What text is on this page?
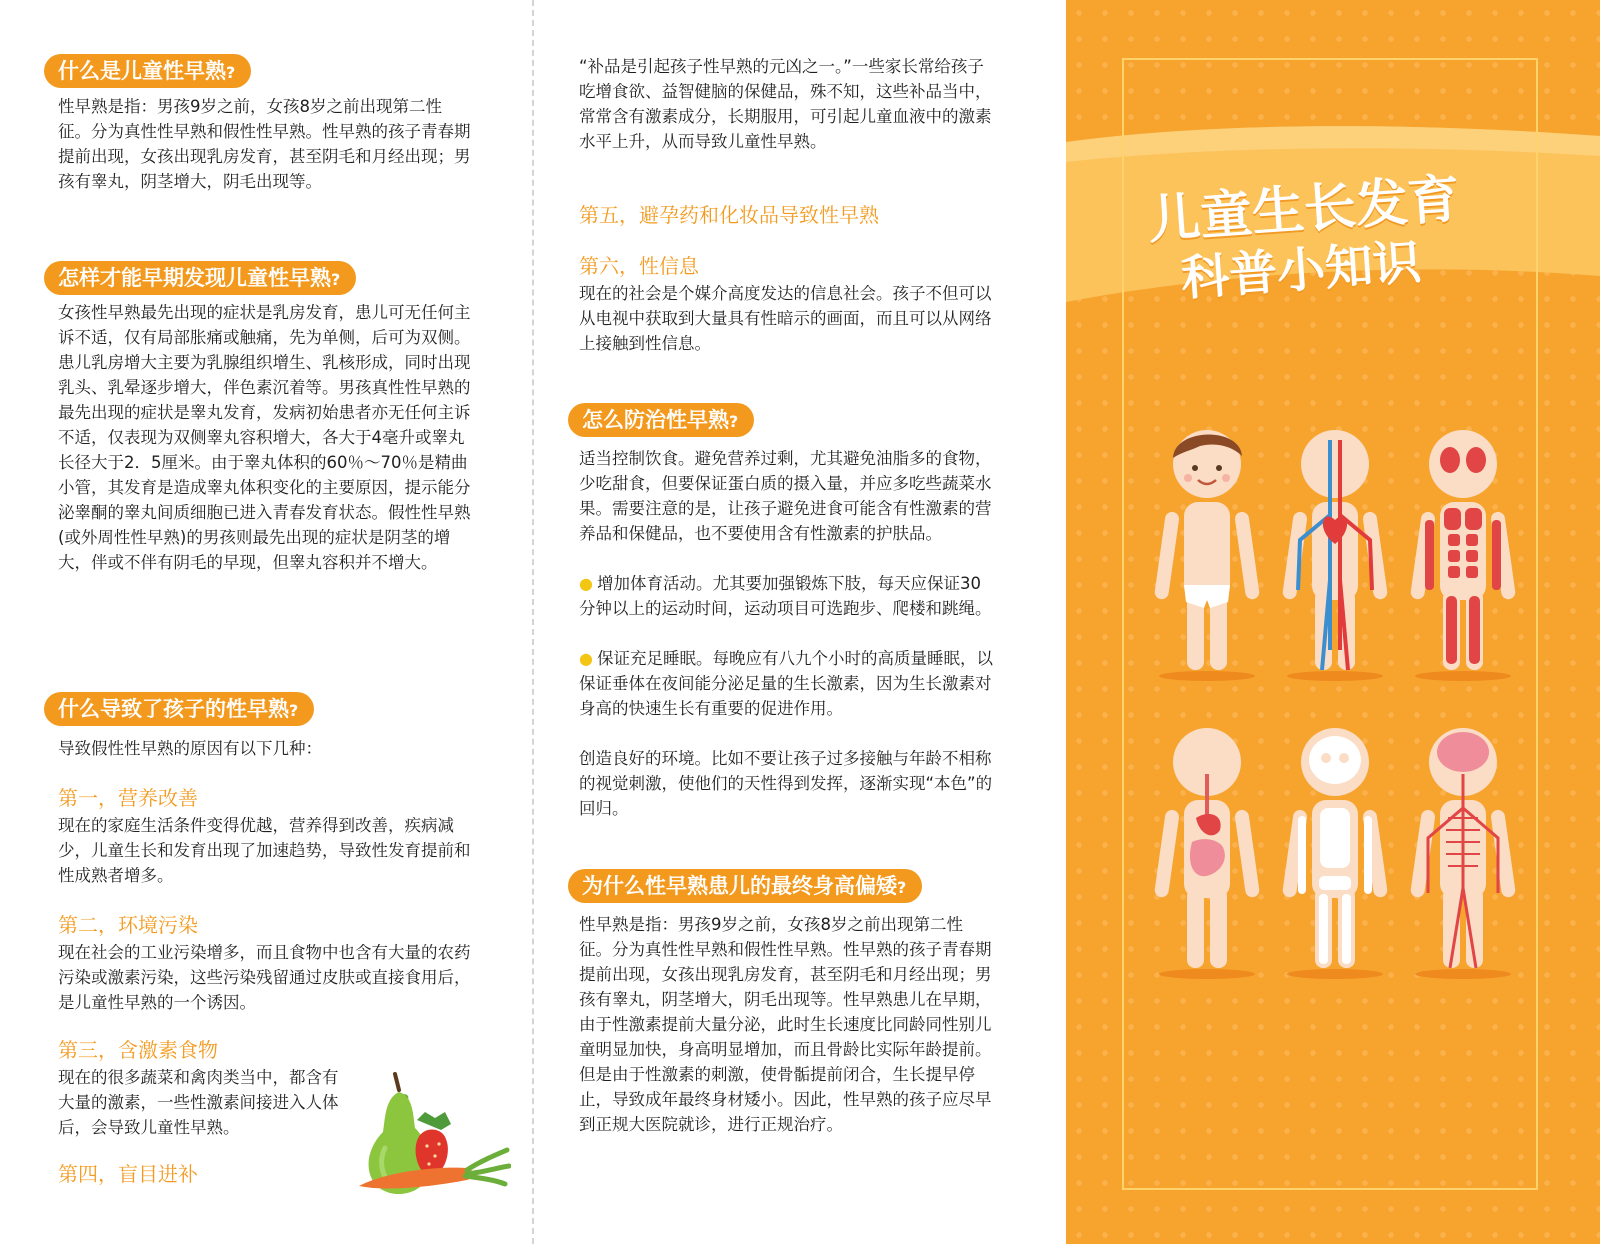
什么是儿童性早熟?
性早熟是指：男孩9岁之前，女孩8岁之前出现第二性征。分为真性性早熟和假性性早熟。性早熟的孩子青春期提前出现，女孩出现乳房发育，甚至阴毛和月经出现；男孩有睾丸，阴茎增大，阴毛出现等。
怎样才能早期发现儿童性早熟?
女孩性早熟最先出现的症状是乳房发育，患儿可无任何主诉不适，仅有局部胀痛或触痛，先为单侧，后可为双侧。患儿乳房增大主要为乳腺组织增生、乳核形成，同时出现乳头、乳晕逐步增大，伴色素沉着等。男孩真性性早熟的最先出现的症状是睾丸发育，发病初始患者亦无任何主诉不适，仅表现为双侧睾丸容积增大，各大于4毫升或睾丸长径大于2．5厘米。由于睾丸体积的60％～70％是精曲小管，其发育是造成睾丸体积变化的主要原因，提示能分泌睾酮的睾丸间质细胞已进入青春发育状态。假性性早熟(或外周性性早熟)的男孩则最先出现的症状是阴茎的增大，伴或不伴有阴毛的早现，但睾丸容积并不增大。
什么导致了孩子的性早熟?
导致假性性早熟的原因有以下几种：
第一，营养改善
现在的家庭生活条件变得优越，营养得到改善，疾病减少，儿童生长和发育出现了加速趋势，导致性发育提前和性成熟者增多。
第二，环境污染
现在社会的工业污染增多，而且食物中也含有大量的农药污染或激素污染，这些污染残留通过皮肤或直接食用后，是儿童性早熟的一个诱因。
第三，含激素食物
现在的很多蔬菜和禽肉类当中，都含有大量的激素，一些性激素间接进入人体后，会导致儿童性早熟。
第四，盲目进补
“补品是引起孩子性早熟的元凶之一。”一些家长常给孩子吃增食欲、益智健脑的保健品，殊不知，这些补品当中，常常含有激素成分，长期服用，可引起儿童血液中的激素水平上升，从而导致儿童性早熟。
第五，避孕药和化妆品导致性早熟
第六，性信息
现在的社会是个媒介高度发达的信息社会。孩子不但可以从电视中获取到大量具有性暗示的画面，而且可以从网络上接触到性信息。
怎么防治性早熟?
适当控制饮食。避免营养过剩，尤其避免油脂多的食物，少吃甜食，但要保证蛋白质的摄入量，并应多吃些蔬菜水果。需要注意的是，让孩子避免进食可能含有性激素的营养品和保健品，也不要使用含有性激素的护肤品。
● 增加体育活动。尤其要加强锻炼下肢，每天应保证30分钟以上的运动时间，运动项目可选跑步、爬楼和跳绳。
● 保证充足睡眠。每晚应有八九个小时的高质量睡眠，以保证垂体在夜间能分泌足量的生长激素，因为生长激素对身高的快速生长有重要的促进作用。
创造良好的环境。比如不要让孩子过多接触与年龄不相称的视觉刺激，使他们的天性得到发挥，逐渐实现“本色”的回归。
为什么性早熟患儿的最终身高偏矮?
性早熟是指：男孩9岁之前，女孩8岁之前出现第二性征。分为真性性早熟和假性性早熟。性早熟的孩子青春期提前出现，女孩出现乳房发育，甚至阴毛和月经出现；男孩有睾丸，阴茎增大，阴毛出现等。性早熟患儿在早期，由于性激素提前大量分泌，此时生长速度比同龄同性别儿童明显加快，身高明显增加，而且骨龄比实际年龄提前。但是由于性激素的刺激，使骨骺提前闭合，生长提早停止，导致成年最终身材矮小。因此，性早熟的孩子应尽早到正规大医院就诊，进行正规治疗。
儿童生长发育
科普小知识
